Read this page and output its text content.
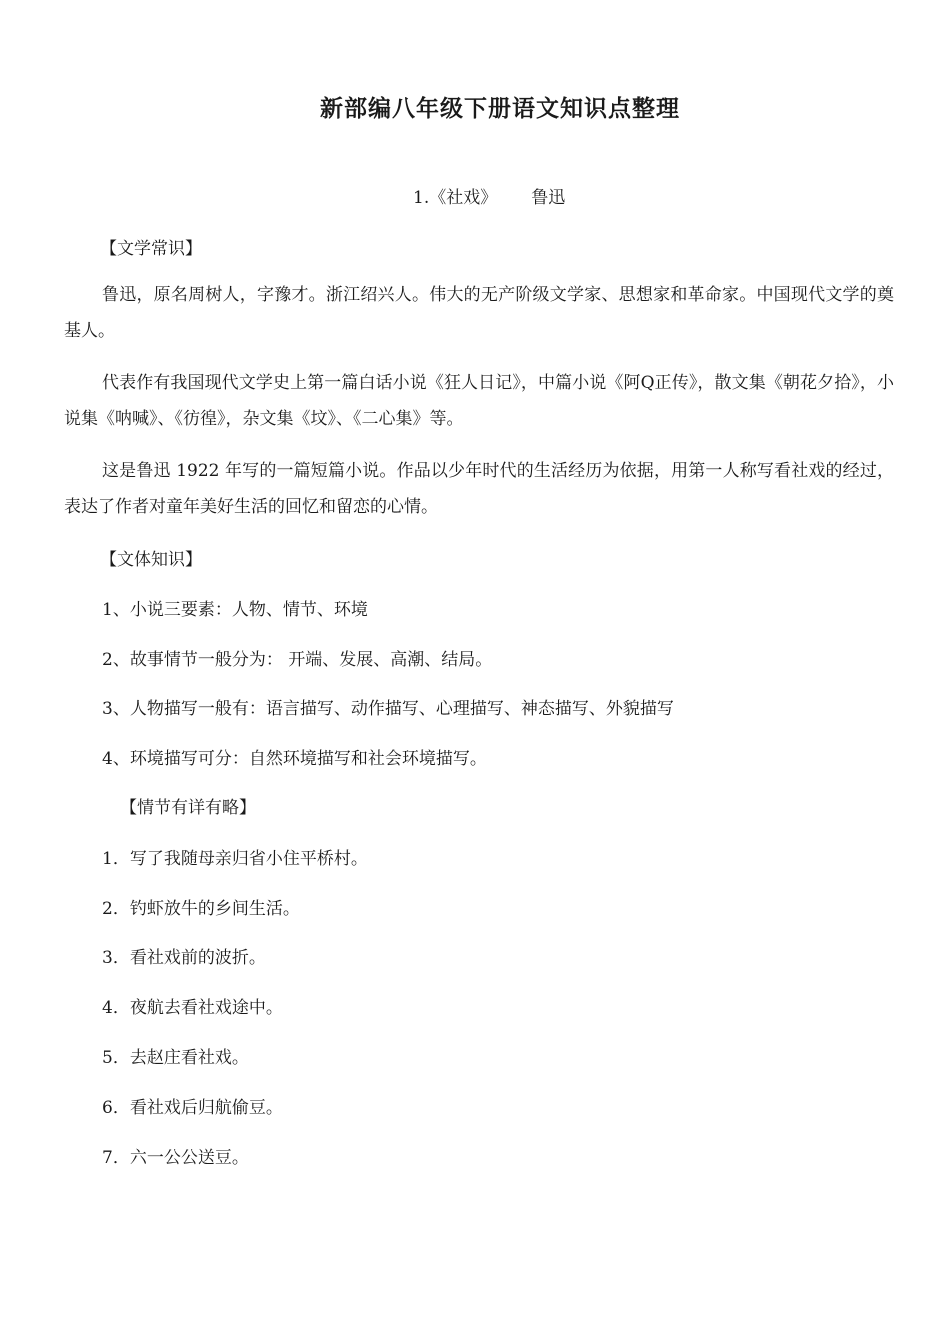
新部编八年级下册语文知识点整理
1.《社戏》 鲁迅
【文学常识】
鲁迅，原名周树人，字豫才。浙江绍兴人。伟大的无产阶级文学家、思想家和革命家。中国现代文学的奠基人。
代表作有我国现代文学史上第一篇白话小说《狂人日记》，中篇小说《阿Q正传》，散文集《朝花夕拾》，小说集《呐喊》、《彷徨》，杂文集《坟》、《二心集》等。
这是鲁迅 1922 年写的一篇短篇小说。作品以少年时代的生活经历为依据，用第一人称写看社戏的经过，表达了作者对童年美好生活的回忆和留恋的心情。
【文体知识】
1、小说三要素：人物、情节、环境
2、故事情节一般分为： 开端、发展、高潮、结局。
3、人物描写一般有：语言描写、动作描写、心理描写、神态描写、外貌描写
4、环境描写可分：自然环境描写和社会环境描写。
【情节有详有略】
1．写了我随母亲归省小住平桥村。
2．钓虾放牛的乡间生活。
3．看社戏前的波折。
4．夜航去看社戏途中。
5．去赵庄看社戏。
6．看社戏后归航偷豆。
7．六一公公送豆。
